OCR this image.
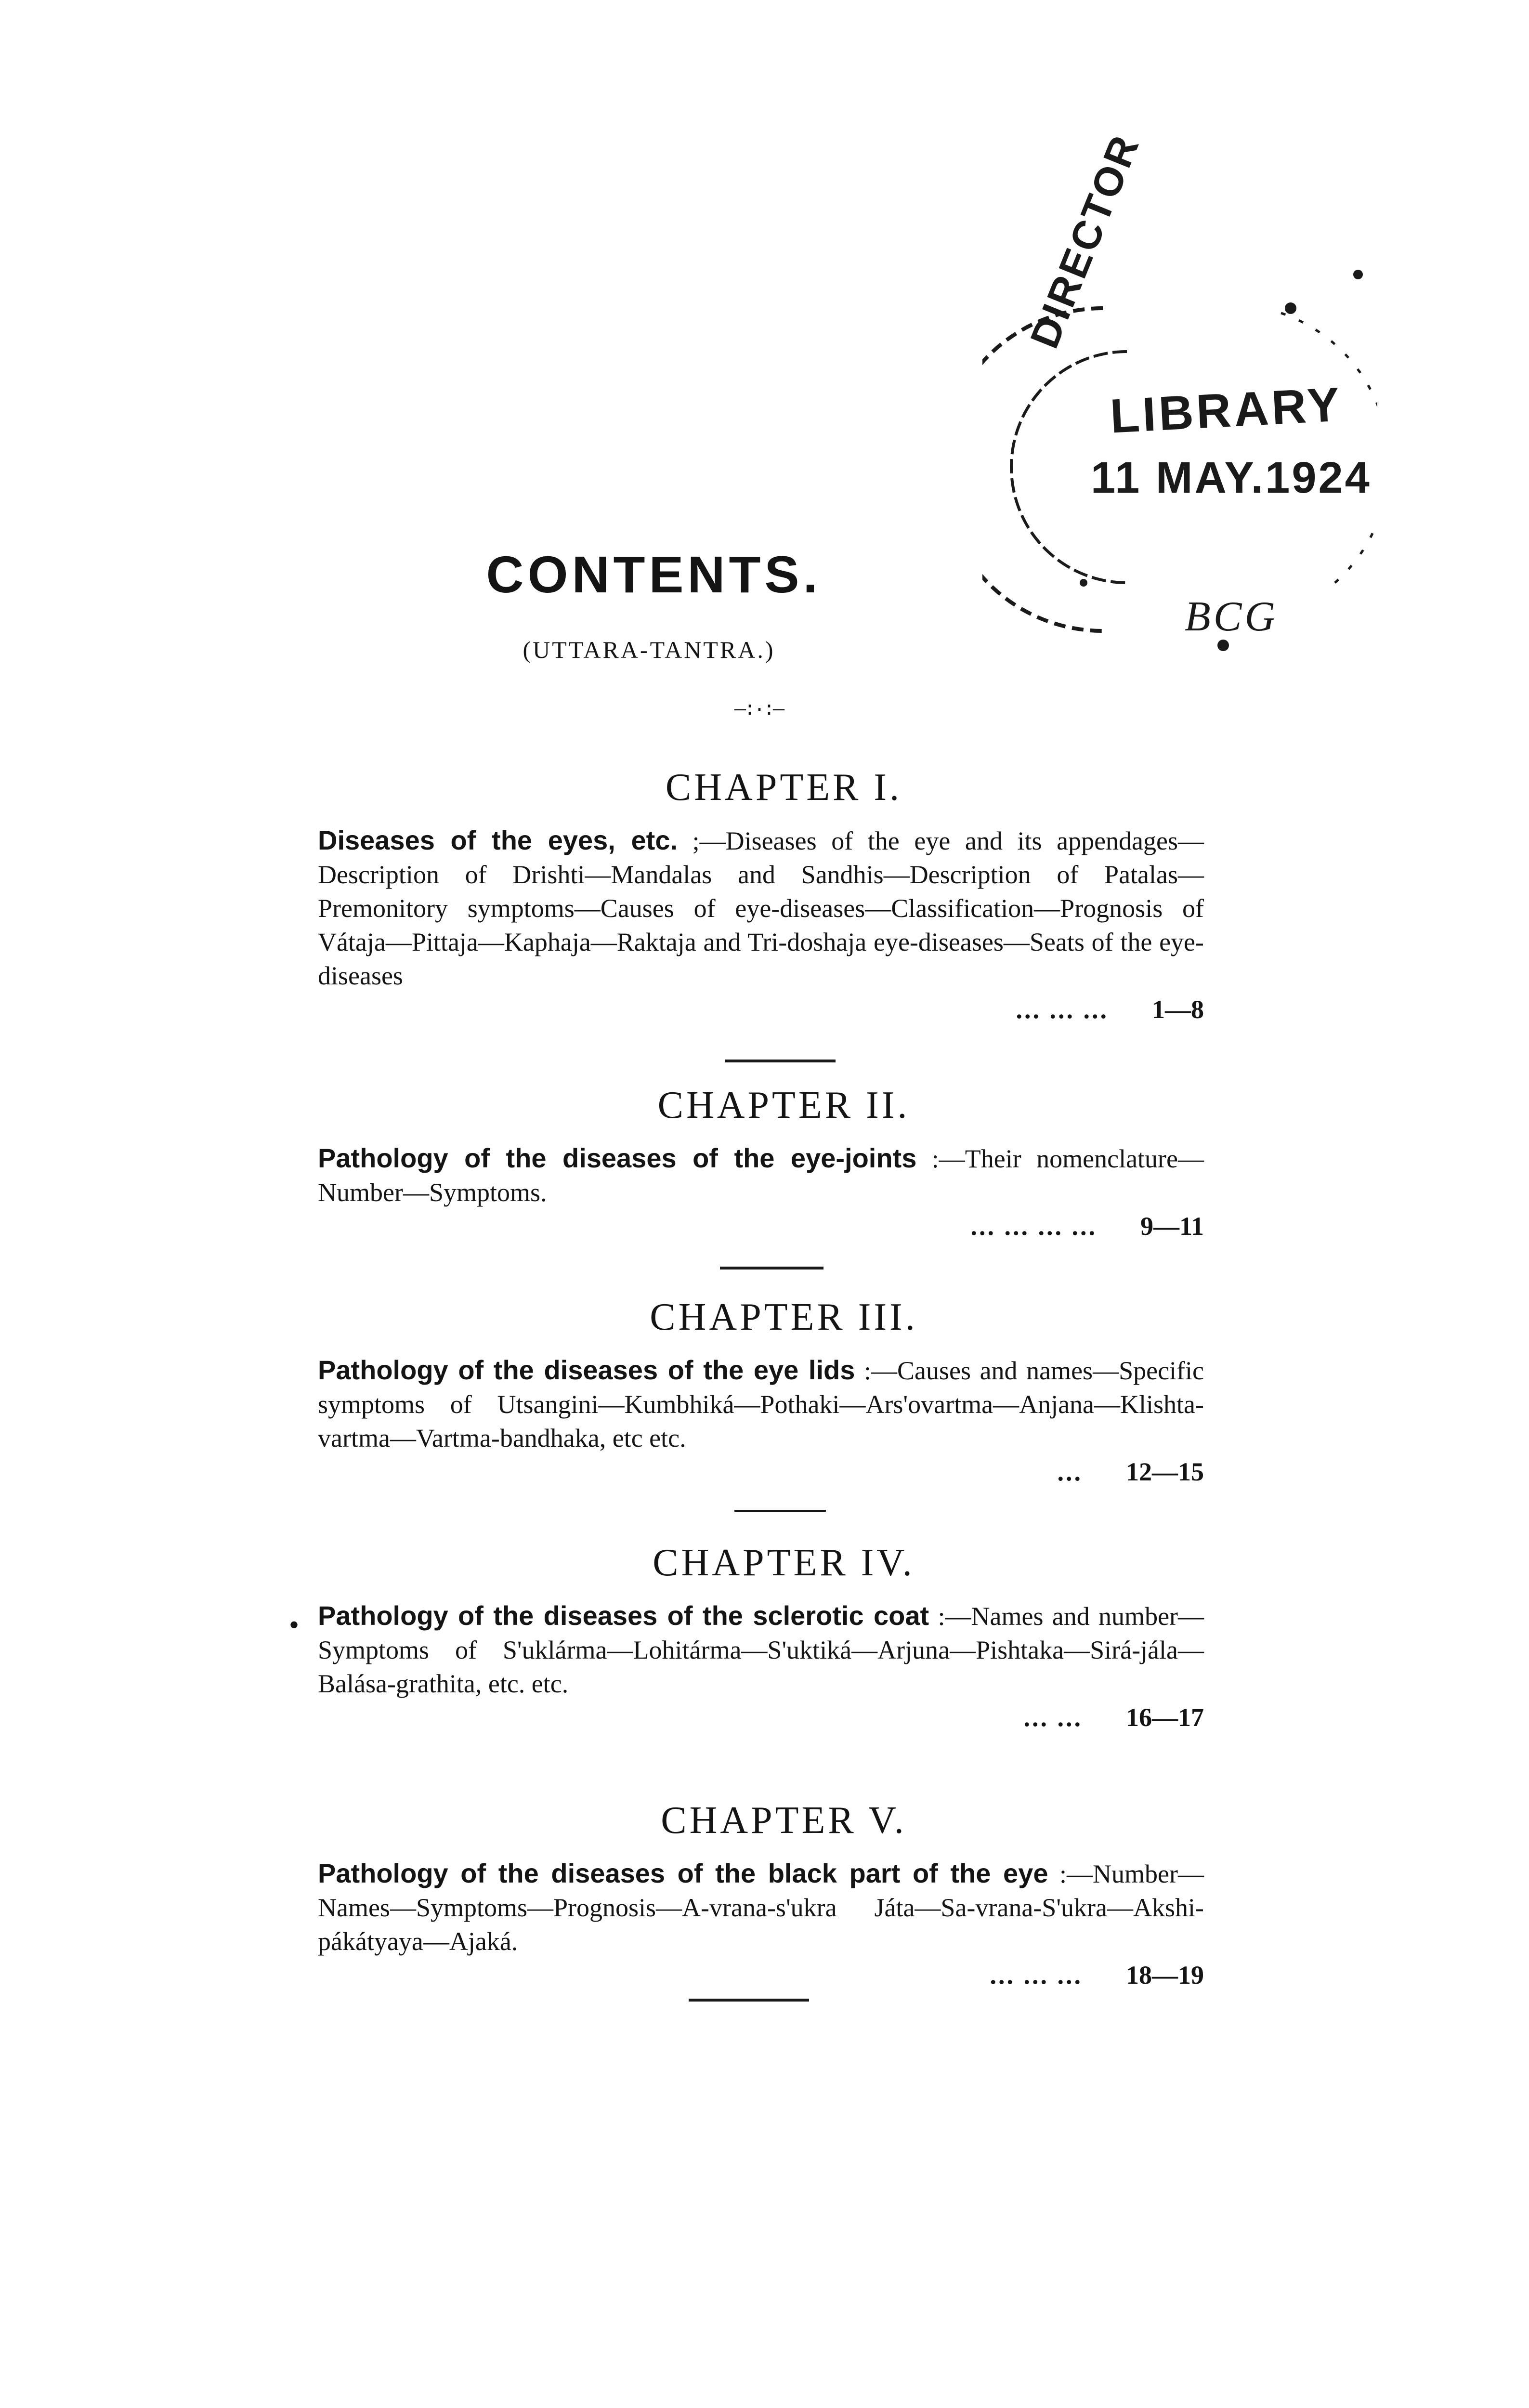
DIRECTOR
LIBRARY
11 MAY.1924
BCG
CONTENTS.
(UTTARA-TANTRA.)
—:·:—
CHAPTER I.
Diseases of the eyes, etc. ;—Diseases of the eye and its appendages—Description of Drishti—Mandalas and Sandhis—Description of Patalas—Premonitory symptoms—Causes of eye-diseases—Classification—Prognosis of Vátaja—Pittaja—Kaphaja—Raktaja and Tri-doshaja eye-diseases—Seats of the eye-diseases
... ... ... 1—8
CHAPTER II.
Pathology of the diseases of the eye-joints :—Their nomenclature—Number—Symptoms.
... ... ... ... 9—11
CHAPTER III.
Pathology of the diseases of the eye lids :—Causes and names—Specific symptoms of Utsangini—Kumbhiká—Pothaki—Ars'ovartma—Anjana—Klishta-vartma—Vartma-bandhaka, etc etc.
... 12—15
CHAPTER IV.
• Pathology of the diseases of the sclerotic coat :—Names and number—Symptoms of S'uklárma—Lohitárma—S'uktiká—Arjuna—Pishtaka—Sirá-jála—Balása-grathita, etc. etc.
... ... 16—17
CHAPTER V.
Pathology of the diseases of the black part of the eye :—Number—Names—Symptoms—Prognosis—A-vrana-s'ukra Játa—Sa-vrana-S'ukra—Akshi-pákátyaya—Ajaká.
... ... ... 18—19
